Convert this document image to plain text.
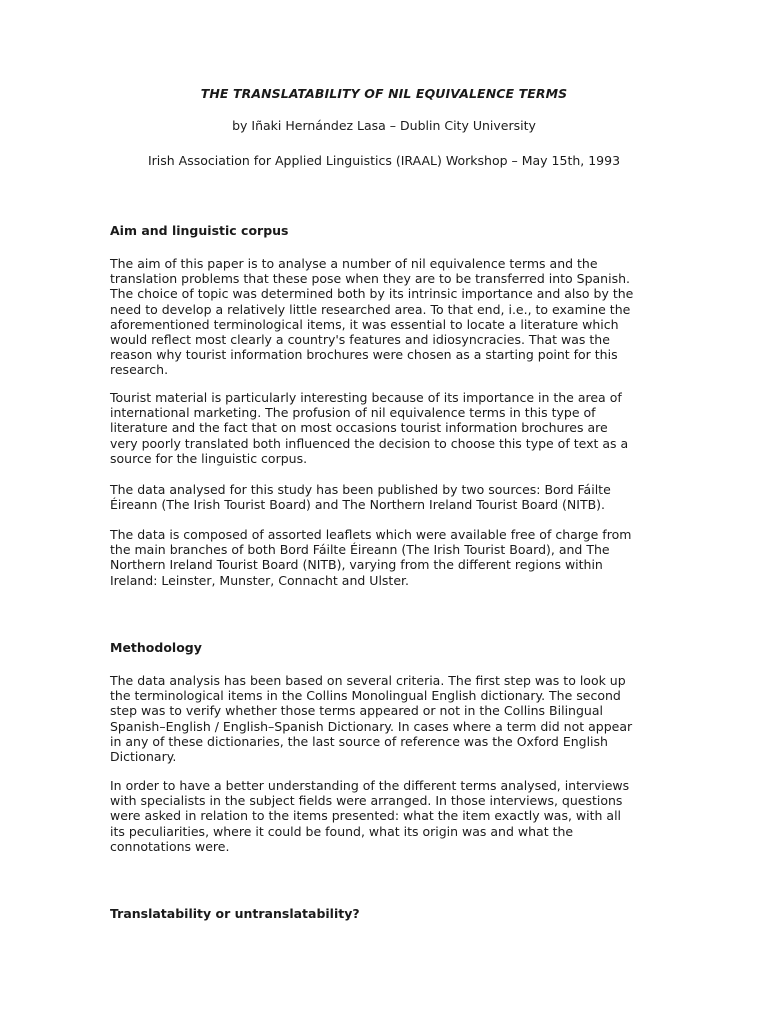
THE TRANSLATABILITY OF NIL EQUIVALENCE TERMS
by Iñaki Hernández Lasa – Dublin City University
Irish Association for Applied Linguistics (IRAAL) Workshop – May 15th, 1993
Aim and linguistic corpus

The aim of this paper is to analyse a number of nil equivalence terms and the
translation problems that these pose when they are to be transferred into Spanish.
The choice of topic was determined both by its intrinsic importance and also by the
need to develop a relatively little researched area. To that end, i.e., to examine the
aforementioned terminological items, it was essential to locate a literature which
would reflect most clearly a country's features and idiosyncracies. That was the
reason why tourist information brochures were chosen as a starting point for this
research.

Tourist material is particularly interesting because of its importance in the area of
international marketing. The profusion of nil equivalence terms in this type of
literature and the fact that on most occasions tourist information brochures are
very poorly translated both influenced the decision to choose this type of text as a
source for the linguistic corpus.

The data analysed for this study has been published by two sources: Bord Fáilte
Éireann (The Irish Tourist Board) and The Northern Ireland Tourist Board (NITB).

The data is composed of assorted leaflets which were available free of charge from
the main branches of both Bord Fáilte Éireann (The Irish Tourist Board), and The
Northern Ireland Tourist Board (NITB), varying from the different regions within
Ireland: Leinster, Munster, Connacht and Ulster.

Methodology

The data analysis has been based on several criteria. The first step was to look up
the terminological items in the Collins Monolingual English dictionary. The second
step was to verify whether those terms appeared or not in the Collins Bilingual
Spanish–English / English–Spanish Dictionary. In cases where a term did not appear
in any of these dictionaries, the last source of reference was the Oxford English
Dictionary.

In order to have a better understanding of the different terms analysed, interviews
with specialists in the subject fields were arranged. In those interviews, questions
were asked in relation to the items presented: what the item exactly was, with all
its peculiarities, where it could be found, what its origin was and what the
connotations were.

Translatability or untranslatability?
